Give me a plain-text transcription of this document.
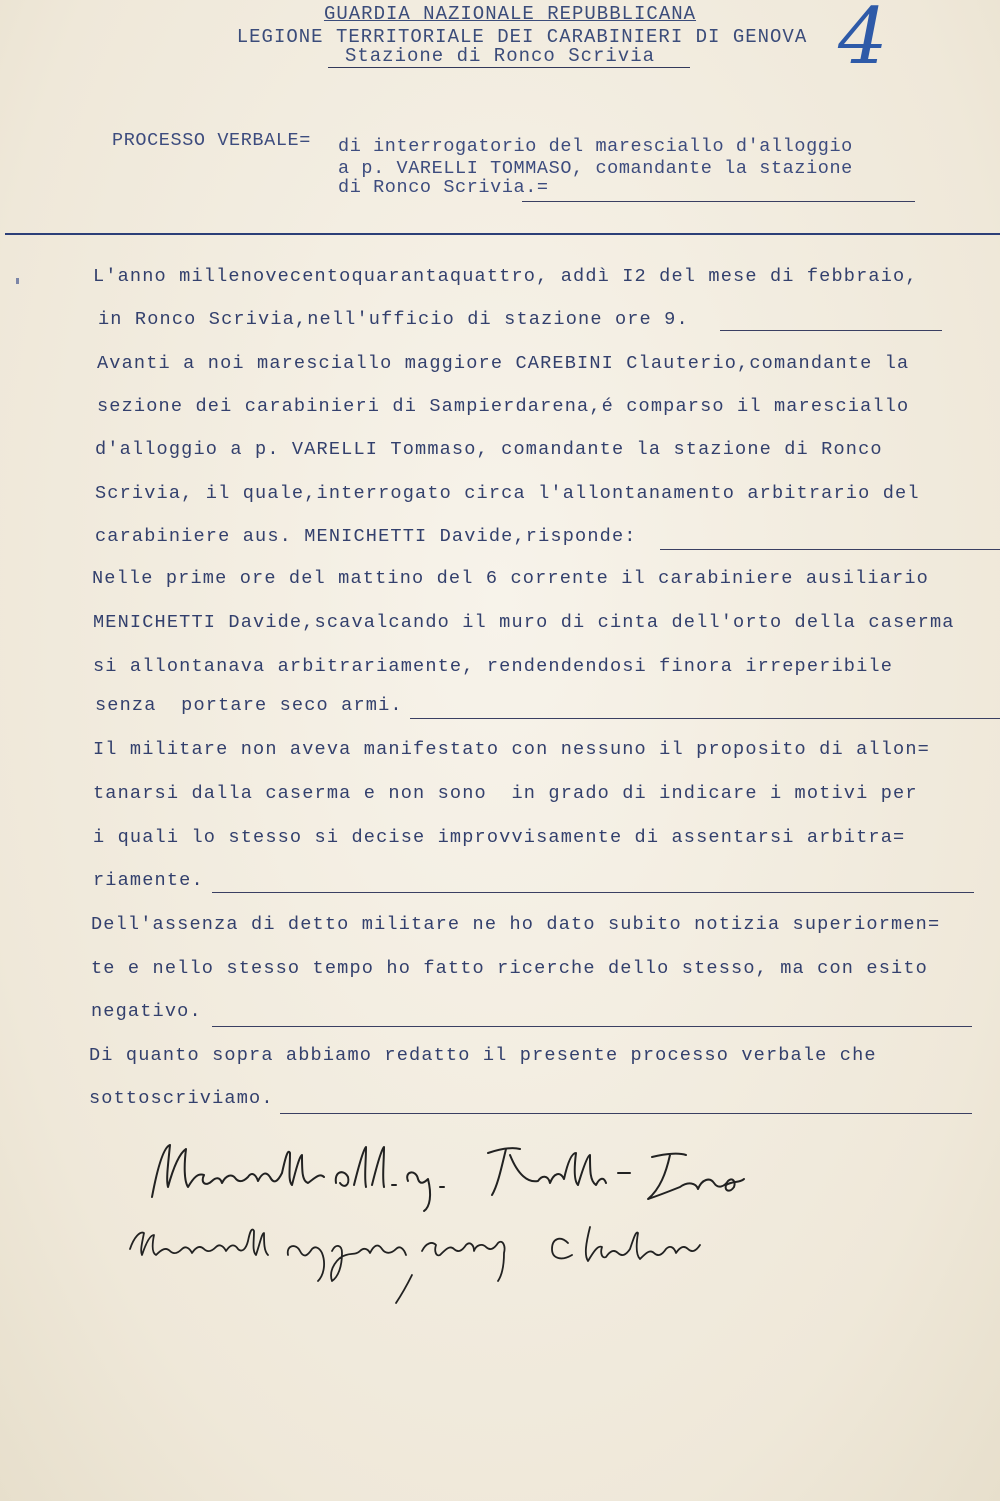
GUARDIA NAZIONALE REPUBBLICANA
LEGIONE TERRITORIALE DEI CARABINIERI DI GENOVA
Stazione di Ronco Scrivia	4
PROCESSO VERBALE= di interrogatorio del maresciallo d'alloggio
a p. VARELLI TOMMASO, comandante la stazione
di Ronco Scrivia.=
L'anno millenovecentoquarantaquattro, addì I2 del mese di febbraio,
in Ronco Scrivia,nell'ufficio di stazione ore 9.
Avanti a noi maresciallo maggiore CAREBINI Clauterio,comandante la
sezione dei carabinieri di Sampierdarena,é comparso il maresciallo
d'alloggio a p. VARELLI Tommaso, comandante la stazione di Ronco
Scrivia, il quale,interrogato circa l'allontanamento arbitrario del
carabiniere aus. MENICHETTI Davide,risponde:
Nelle prime ore del mattino del 6 corrente il carabiniere ausiliario
MENICHETTI Davide,scavalcando il muro di cinta dell'orto della caserma
si allontanava arbitrariamente, rendendendosi finora irreperibile
senza  portare seco armi.
Il militare non aveva manifestato con nessuno il proposito di allon=
tanarsi dalla caserma e non sono  in grado di indicare i motivi per
i quali lo stesso si decise improvvisamente di assentarsi arbitra=
riamente.
Dell'assenza di detto militare ne ho dato subito notizia superiormen=
te e nello stesso tempo ho fatto ricerche dello stesso, ma con esito
negativo.
Di quanto sopra abbiamo redatto il presente processo verbale che
sottoscriviamo.
